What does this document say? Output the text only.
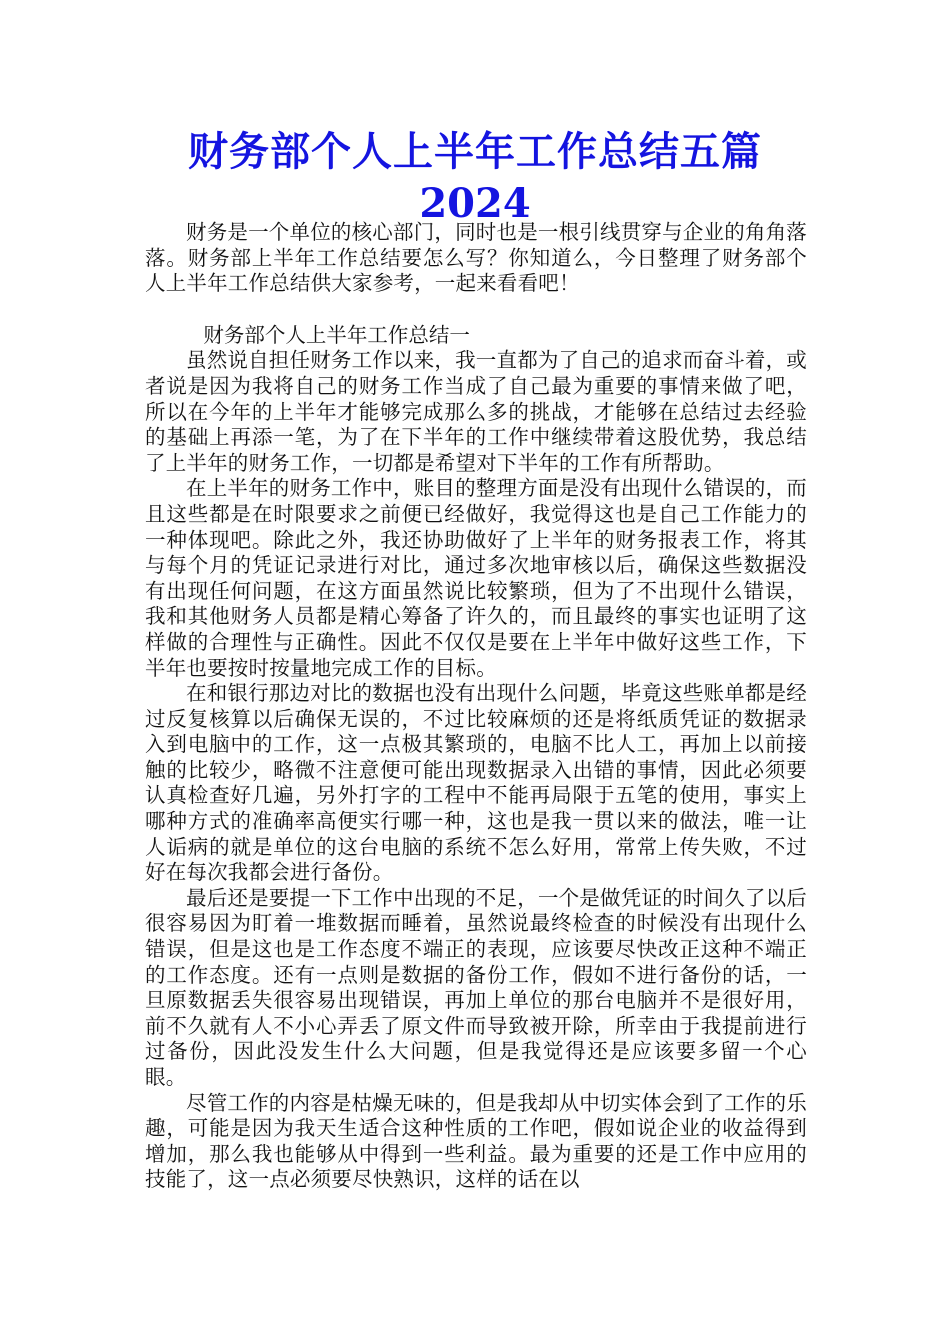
财务部个人上半年工作总结五篇
2024

财务是一个单位的核心部门，同时也是一根引线贯穿与企业的角角落落。财务部上半年工作总结要怎么写？你知道么，今日整理了财务部个人上半年工作总结供大家参考，一起来看看吧！

财务部个人上半年工作总结一

虽然说自担任财务工作以来，我一直都为了自己的追求而奋斗着，或者说是因为我将自己的财务工作当成了自己最为重要的事情来做了吧，所以在今年的上半年才能够完成那么多的挑战，才能够在总结过去经验的基础上再添一笔，为了在下半年的工作中继续带着这股优势，我总结了上半年的财务工作，一切都是希望对下半年的工作有所帮助。

在上半年的财务工作中，账目的整理方面是没有出现什么错误的，而且这些都是在时限要求之前便已经做好，我觉得这也是自己工作能力的一种体现吧。除此之外，我还协助做好了上半年的财务报表工作，将其与每个月的凭证记录进行对比，通过多次地审核以后，确保这些数据没有出现任何问题，在这方面虽然说比较繁琐，但为了不出现什么错误，我和其他财务人员都是精心筹备了许久的，而且最终的事实也证明了这样做的合理性与正确性。因此不仅仅是要在上半年中做好这些工作，下半年也要按时按量地完成工作的目标。

在和银行那边对比的数据也没有出现什么问题，毕竟这些账单都是经过反复核算以后确保无误的，不过比较麻烦的还是将纸质凭证的数据录入到电脑中的工作，这一点极其繁琐的，电脑不比人工，再加上以前接触的比较少，略微不注意便可能出现数据录入出错的事情，因此必须要认真检查好几遍，另外打字的工程中不能再局限于五笔的使用，事实上哪种方式的准确率高便实行哪一种，这也是我一贯以来的做法，唯一让人诟病的就是单位的这台电脑的系统不怎么好用，常常上传失败，不过好在每次我都会进行备份。

最后还是要提一下工作中出现的不足，一个是做凭证的时间久了以后很容易因为盯着一堆数据而睡着，虽然说最终检查的时候没有出现什么错误，但是这也是工作态度不端正的表现，应该要尽快改正这种不端正的工作态度。还有一点则是数据的备份工作，假如不进行备份的话，一旦原数据丢失很容易出现错误，再加上单位的那台电脑并不是很好用，前不久就有人不小心弄丢了原文件而导致被开除，所幸由于我提前进行过备份，因此没发生什么大问题，但是我觉得还是应该要多留一个心眼。

尽管工作的内容是枯燥无味的，但是我却从中切实体会到了工作的乐趣，可能是因为我天生适合这种性质的工作吧，假如说企业的收益得到增加，那么我也能够从中得到一些利益。最为重要的还是工作中应用的技能了，这一点必须要尽快熟识，这样的话在以
